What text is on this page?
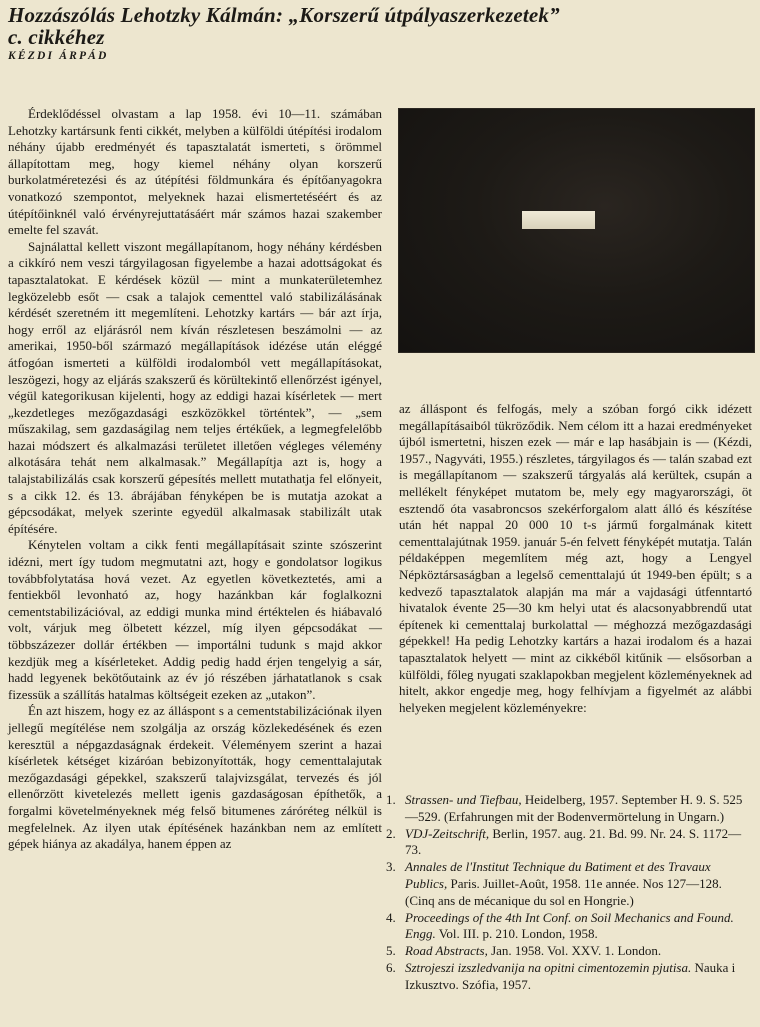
Hozzászólás Lehotzky Kálmán: „Korszerű útpályaszerkezetek”
c. cikkéhez
KÉZDI ÁRPÁD

Érdeklődéssel olvastam a lap 1958. évi 10—11. számában Lehotzky kartársunk fenti cikkét, melyben a külföldi útépítési irodalom néhány újabb eredményét és tapasztalatát ismerteti, s örömmel állapítottam meg, hogy kiemel néhány olyan korszerű burkolatméretezési és az útépítési földmunkára és építőanyagokra vonatkozó szempontot, melyeknek hazai elismertetéséért és az útépítőinknél való érvényrejuttatásáért már számos hazai szakember emelte fel szavát.

Sajnálattal kellett viszont megállapítanom, hogy néhány kérdésben a cikkíró nem veszi tárgyilagosan figyelembe a hazai adottságokat és tapasztalatokat. E kérdések közül — mint a munkaterületemhez legközelebb esőt — csak a talajok cementtel való stabilizálásának kérdését szeretném itt megemlíteni. Lehotzky kartárs — bár azt írja, hogy erről az eljárásról nem kíván részletesen beszámolni — az amerikai, 1950-ből származó megállapítások idézése után eléggé átfogóan ismerteti a külföldi irodalomból vett megállapításokat, leszögezi, hogy az eljárás szakszerű és körültekintő ellenőrzést igényel, végül kategorikusan kijelenti, hogy az eddigi hazai kísérletek — mert „kezdetleges mezőgazdasági eszközökkel történtek”, — „sem műszakilag, sem gazdaságilag nem teljes értékűek, a legmegfelelőbb hazai módszert és alkalmazási területet illetően végleges vélemény alkotására tehát nem alkalmasak.” Megállapítja azt is, hogy a talajstabilizálás csak korszerű gépesítés mellett mutathatja fel előnyeit, s a cikk 12. és 13. ábrájában fényképen be is mutatja azokat a gépcsodákat, melyek szerinte egyedül alkalmasak stabilizált utak építésére.

Kénytelen voltam a cikk fenti megállapításait szinte szószerint idézni, mert így tudom megmutatni azt, hogy e gondolatsor logikus továbbfolytatása hová vezet. Az egyetlen következtetés, ami a fentiekből levonható az, hogy hazánkban kár foglalkozni cementstabilizációval, az eddigi munka mind értéktelen és hiábavaló volt, várjuk meg ölbetett kézzel, míg ilyen gépcsodákat — többszázezer dollár értékben — importálni tudunk s majd akkor kezdjük meg a kísérleteket. Addig pedig hadd érjen tengelyig a sár, hadd legyenek bekötőutaink az év jó részében járhatatlanok s csak fizessük a szállítás hatalmas költségeit ezeken az „utakon”.

Én azt hiszem, hogy ez az álláspont s a cementstabilizációnak ilyen jellegű megítélése nem szolgálja az ország közlekedésének és ezen keresztül a népgazdaságnak érdekeit. Véleményem szerint a hazai kísérletek kétséget kizáróan bebizonyították, hogy cementtalajutak mezőgazdasági gépekkel, szakszerű talajvizsgálat, tervezés és jól ellenőrzött kivetelezés mellett igenis gazdaságosan építhetők, a forgalmi követelményeknek még felső bitumenes záróréteg nélkül is megfelelnek. Az ilyen utak építésének hazánkban nem az említett gépek hiánya az akadálya, hanem éppen az

az álláspont és felfogás, mely a szóban forgó cikk idézett megállapításaiból tükröződik. Nem célom itt a hazai eredményeket újból ismertetni, hiszen ezek — már e lap hasábjain is — (Kézdi, 1957., Nagyváti, 1955.) részletes, tárgyilagos és — talán szabad ezt is megállapítanom — szakszerű tárgyalás alá kerültek, csupán a mellékelt fényképet mutatom be, mely egy magyarországi, öt esztendő óta vasabroncsos szekérforgalom alatt álló és készítése után hét nappal 20 000 10 t-s jármű forgalmának kitett cementtalajútnak 1959. január 5-én felvett fényképét mutatja. Talán példaképpen megemlítem még azt, hogy a Lengyel Népköztársaságban a legelső cementtalajú út 1949-ben épült; s a kedvező tapasztalatok alapján ma már a vajdasági útfenntartó hivatalok évente 25—30 km helyi utat és alacsonyabbrendű utat építenek ki cementtalaj burkolattal — méghozzá mezőgazdasági gépekkel! Ha pedig Lehotzky kartárs a hazai irodalom és a hazai tapasztalatok helyett — mint az cikkéből kitűnik — elsősorban a külföldi, főleg nyugati szaklapokban megjelent közleményeknek ad hitelt, akkor engedje meg, hogy felhívjam a figyelmét az alábbi helyeken megjelent közleményekre:

1. Strassen- und Tiefbau, Heidelberg, 1957. September H. 9. S. 525—529. (Erfahrungen mit der Bodenvermörtelung in Ungarn.)
2. VDJ-Zeitschrift, Berlin, 1957. aug. 21. Bd. 99. Nr. 24. S. 1172—73.
3. Annales de l'Institut Technique du Batiment et des Travaux Publics, Paris. Juillet-Août, 1958. 11e année. Nos 127—128. (Cinq ans de mécanique du sol en Hongrie.)
4. Proceedings of the 4th Int Conf. on Soil Mechanics and Found. Engg. Vol. III. p. 210. London, 1958.
5. Road Abstracts, Jan. 1958. Vol. XXV. 1. London.
6. Sztrojeszi izszledvanija na opitni cimentozemin pjutisa. Nauka i Izkusztvo. Szófia, 1957.
